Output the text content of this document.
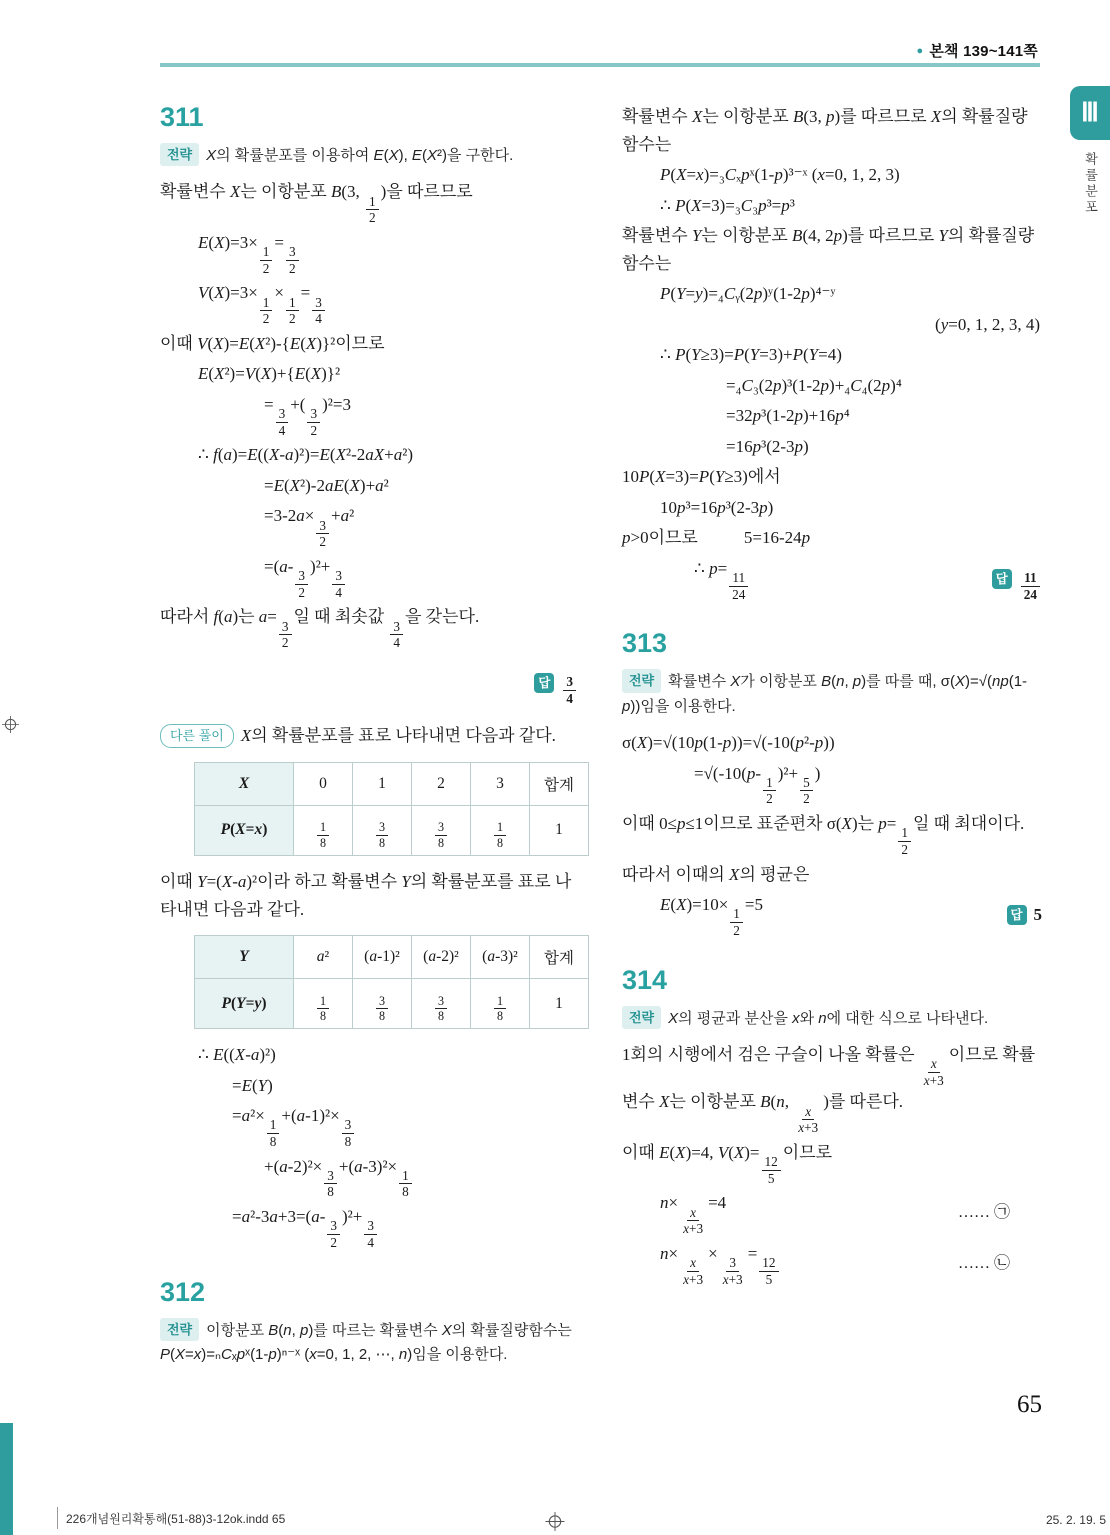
● 본책 139~141쪽
Ⅲ
확률분포
311
전략 X의 확률분포를 이용하여 E(X), E(X²)을 구한다.
확률변수 X는 이항분포 B(3,
$\frac{1}{2}$
)을 따르므로
E(X)=3×
$\frac{1}{2}$
=
$\frac{3}{2}$
V(X)=3×
$\frac{1}{2}$
×
$\frac{1}{2}$
=
$\frac{3}{4}$
이때 V(X)=E(X²)-{E(X)}²이므로
E(X²)=V(X)+{E(X)}²
=
$\frac{3}{4}$
+(
$\frac{3}{2}$
)²=3
∴ f(a)=E((X-a)²)=E(X²-2aX+a²)
=E(X²)-2aE(X)+a²
=3-2a×
$\frac{3}{2}$
+a²
=(a-
$\frac{3}{2}$
)²+
$\frac{3}{4}$
따라서 f(a)는 a=
$\frac{3}{2}$
일 때 최솟값
$\frac{3}{4}$
을 갖는다.
답 $\frac{3}{4}$
다른 풀이 X의 확률분포를 표로 나타내면 다음과 같다.
X	0	1	2	3	합계
P(X=x)	$\frac{1}{8}$	$\frac{3}{8}$	$\frac{3}{8}$	$\frac{1}{8}$	1
이때 Y=(X-a)²이라 하고 확률변수 Y의 확률분포를 표로 나타내면 다음과 같다.
Y	a²	(a-1)²	(a-2)²	(a-3)²	합계
P(Y=y)	$\frac{1}{8}$	$\frac{3}{8}$	$\frac{3}{8}$	$\frac{1}{8}$	1
∴ E((X-a)²)
=E(Y)
=a²×
$\frac{1}{8}$
+(a-1)²×
$\frac{3}{8}$
+(a-2)²×
$\frac{3}{8}$
+(a-3)²×
$\frac{1}{8}$
=a²-3a+3=(a-
$\frac{3}{2}$
)²+
$\frac{3}{4}$
312
전략 이항분포 B(n, p)를 따르는 확률변수 X의 확률질량함수는 P(X=x)=ₙCₓpˣ(1-p)ⁿ⁻ˣ (x=0, 1, 2, ⋯, n)임을 이용한다.
확률변수 X는 이항분포 B(3, p)를 따르므로 X의 확률질량함수는
P(X=x)=₃Cₓpˣ(1-p)³⁻ˣ (x=0, 1, 2, 3)
∴ P(X=3)=₃C₃p³=p³
확률변수 Y는 이항분포 B(4, 2p)를 따르므로 Y의 확률질량함수는
P(Y=y)=₄Cᵧ(2p)ʸ(1-2p)⁴⁻ʸ
(y=0, 1, 2, 3, 4)
∴ P(Y≥3)=P(Y=3)+P(Y=4)
=₄C₃(2p)³(1-2p)+₄C₄(2p)⁴
=32p³(1-2p)+16p⁴
=16p³(2-3p)
10P(X=3)=P(Y≥3)에서
10p³=16p³(2-3p)
p>0이므로	5=16-24p
∴ p=
$\frac{11}{24}$	답 $\frac{11}{24}$
313
전략 확률변수 X가 이항분포 B(n, p)를 따를 때, σ(X)=√(np(1-p))임을 이용한다.
σ(X)=√(10p(1-p))=√(-10(p²-p))
=√(-10(p-
$\frac{1}{2}$
)²+
$\frac{5}{2}$
)
이때 0≤p≤1이므로 표준편차 σ(X)는 p=
$\frac{1}{2}$
일 때 최대이다.
따라서 이때의 X의 평균은
E(X)=10×
$\frac{1}{2}$
=5
답 5
314
전략 X의 평균과 분산을 x와 n에 대한 식으로 나타낸다.
1회의 시행에서 검은 구슬이 나올 확률은
$\frac{x}{x+3}$
이므로 확률변수 X는 이항분포 B(n,
$\frac{x}{x+3}$
)를 따른다.
이때 E(X)=4, V(X)=
$\frac{12}{5}$
이므로
n×
$\frac{x}{x+3}$
=4
…… ㉠
n×
$\frac{x}{x+3}$
×
$\frac{3}{x+3}$
=
$\frac{12}{5}$	…… ㉡
65
226개념원리확통해(51-88)3-12ok.indd 65	25. 2. 19. 5
